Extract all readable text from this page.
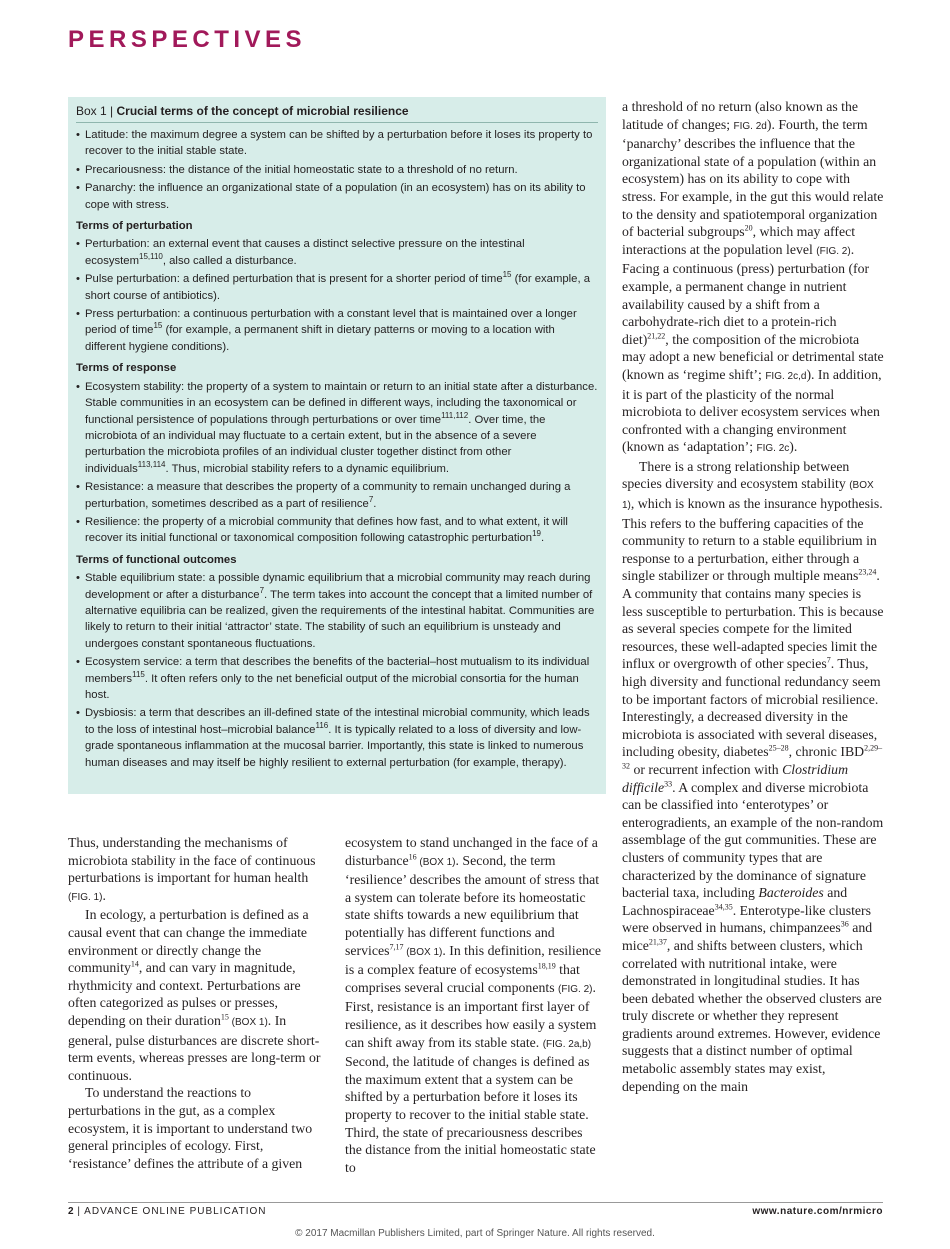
PERSPECTIVES
Box 1 | Crucial terms of the concept of microbial resilience

• Latitude: the maximum degree a system can be shifted by a perturbation before it loses its property to recover to the initial stable state.

• Precariousness: the distance of the initial homeostatic state to a threshold of no return.

• Panarchy: the influence an organizational state of a population (in an ecosystem) has on its ability to cope with stress.

Terms of perturbation

• Perturbation: an external event that causes a distinct selective pressure on the intestinal ecosystem$^{15,110}$, also called a disturbance.

• Pulse perturbation: a defined perturbation that is present for a shorter period of time$^{15}$ (for example, a short course of antibiotics).

• Press perturbation: a continuous perturbation with a constant level that is maintained over a longer period of time$^{15}$ (for example, a permanent shift in dietary patterns or moving to a location with different hygiene conditions).

Terms of response

• Ecosystem stability: the property of a system to maintain or return to an initial state after a disturbance. Stable communities in an ecosystem can be defined in different ways, including the taxonomical or functional persistence of populations through perturbations or over time$^{111,112}$. Over time, the microbiota of an individual may fluctuate to a certain extent, but in the absence of a severe perturbation the microbiota profiles of an individual cluster together distinct from other individuals$^{113,114}$. Thus, microbial stability refers to a dynamic equilibrium.

• Resistance: a measure that describes the property of a community to remain unchanged during a perturbation, sometimes described as a part of resilience$^7$.

• Resilience: the property of a microbial community that defines how fast, and to what extent, it will recover its initial functional or taxonomical composition following catastrophic perturbation$^{19}$.

Terms of functional outcomes

• Stable equilibrium state: a possible dynamic equilibrium that a microbial community may reach during development or after a disturbance$^7$. The term takes into account the concept that a limited number of alternative equilibria can be realized, given the requirements of the intestinal habitat. Communities are likely to return to their initial ‘attractor’ state. The stability of such an equilibrium is unsteady and undergoes constant spontaneous fluctuations.

• Ecosystem service: a term that describes the benefits of the bacterial–host mutualism to its individual members$^{115}$. It often refers only to the net beneficial output of the microbial consortia for the human host.

• Dysbiosis: a term that describes an ill-defined state of the intestinal microbial community, which leads to the loss of intestinal host–microbial balance$^{116}$. It is typically related to a loss of diversity and low-grade spontaneous inflammation at the mucosal barrier. Importantly, this state is linked to numerous human diseases and may itself be highly resilient to external perturbation (for example, therapy).

Thus, understanding the mechanisms of microbiota stability in the face of continuous perturbations is important for human health (FIG. 1).

In ecology, a perturbation is defined as a causal event that can change the immediate environment or directly change the community$^{14}$, and can vary in magnitude, rhythmicity and context. Perturbations are often categorized as pulses or presses, depending on their duration$^{15}$ (BOX 1). In general, pulse disturbances are discrete short-term events, whereas presses are long-term or continuous.

To understand the reactions to perturbations in the gut, as a complex ecosystem, it is important to understand two general principles of ecology. First, ‘resistance’ defines the attribute of a given

ecosystem to stand unchanged in the face of a disturbance$^{16}$ (BOX 1). Second, the term ‘resilience’ describes the amount of stress that a system can tolerate before its homeostatic state shifts towards a new equilibrium that potentially has different functions and services$^{7,17}$ (BOX 1). In this definition, resilience is a complex feature of ecosystems$^{18,19}$ that comprises several crucial components (FIG. 2). First, resistance is an important first layer of resilience, as it describes how easily a system can shift away from its stable state. (FIG. 2a,b) Second, the latitude of changes is defined as the maximum extent that a system can be shifted by a perturbation before it loses its property to recover to the initial stable state. Third, the state of precariousness describes the distance from the initial homeostatic state to

a threshold of no return (also known as the latitude of changes; FIG. 2d). Fourth, the term ‘panarchy’ describes the influence that the organizational state of a population (within an ecosystem) has on its ability to cope with stress. For example, in the gut this would relate to the density and spatiotemporal organization of bacterial subgroups$^{20}$, which may affect interactions at the population level (FIG. 2). Facing a continuous (press) perturbation (for example, a permanent change in nutrient availability caused by a shift from a carbohydrate-rich diet to a protein-rich diet)$^{21,22}$, the composition of the microbiota may adopt a new beneficial or detrimental state (known as ‘regime shift’; FIG. 2c,d). In addition, it is part of the plasticity of the normal microbiota to deliver ecosystem services when confronted with a changing environment (known as ‘adaptation’; FIG. 2c).

There is a strong relationship between species diversity and ecosystem stability (BOX 1), which is known as the insurance hypothesis. This refers to the buffering capacities of the community to return to a stable equilibrium in response to a perturbation, either through a single stabilizer or through multiple means$^{23,24}$. A community that contains many species is less susceptible to perturbation. This is because as several species compete for the limited resources, these well-adapted species limit the influx or overgrowth of other species$^7$. Thus, high diversity and functional redundancy seem to be important factors of microbial resilience. Interestingly, a decreased diversity in the microbiota is associated with several diseases, including obesity, diabetes$^{25-28}$, chronic IBD$^{2,29-32}$ or recurrent infection with Clostridium difficile$^{33}$. A complex and diverse microbiota can be classified into ‘enterotypes’ or enterogradients, an example of the non-random assemblage of the gut communities. These are clusters of community types that are characterized by the dominance of signature bacterial taxa, including Bacteroides and Lachnospiraceae$^{34,35}$. Enterotype-like clusters were observed in humans, chimpanzees$^{36}$ and mice$^{21,37}$, and shifts between clusters, which correlated with nutritional intake, were demonstrated in longitudinal studies. It has been debated whether the observed clusters are truly discrete or whether they represent gradients around extremes. However, evidence suggests that a distinct number of optimal metabolic assembly states may exist, depending on the main

2 | ADVANCE ONLINE PUBLICATION	www.nature.com/nrmicro
© 2017 Macmillan Publishers Limited, part of Springer Nature. All rights reserved.
